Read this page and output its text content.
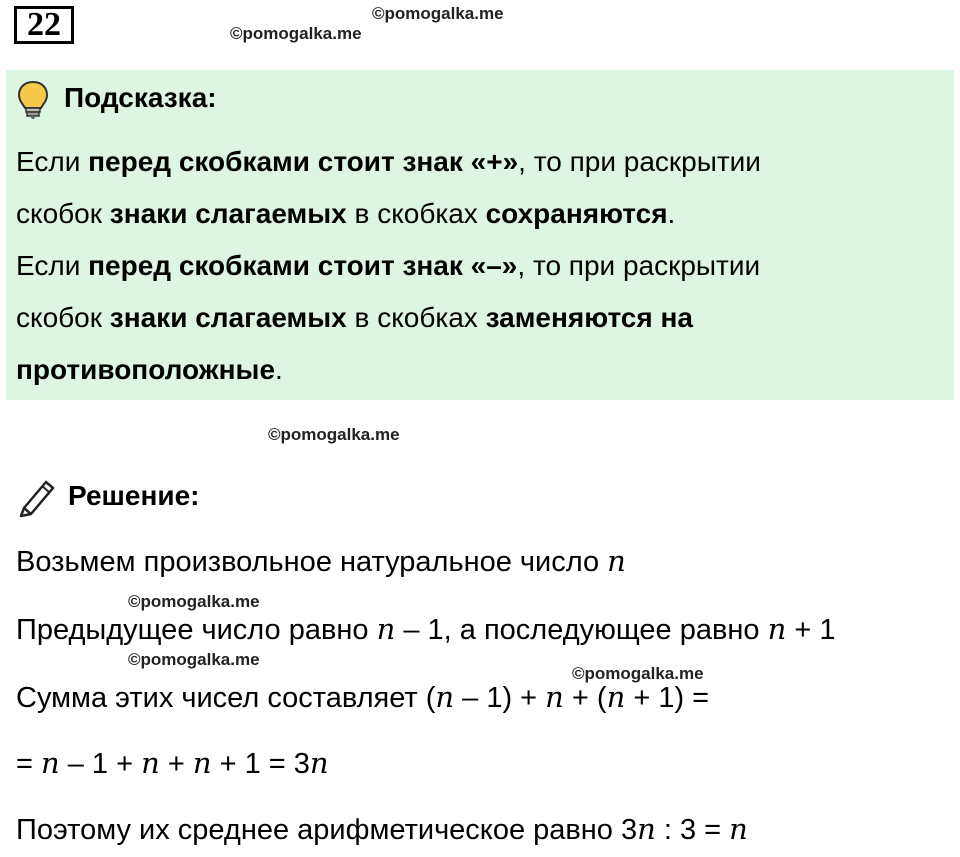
22	©pomogalka.me
©pomogalka.me
Подсказка:
Если перед скобками стоит знак «+», то при раскрытии
скобок знаки слагаемых в скобках сохраняются.
Если перед скобками стоит знак «–», то при раскрытии
скобок знаки слагаемых в скобках заменяются на
противоположные.
©pomogalka.me
Решение:
Возьмем произвольное натуральное число n
©pomogalka.me
Предыдущее число равно n – 1, а последующее равно n + 1
©pomogalka.me
©pomogalka.me
Сумма этих чисел составляет (n – 1) + n + (n + 1) =
= n – 1 + n + n + 1 = 3n
Поэтому их среднее арифметическое равно 3n : 3 = n
